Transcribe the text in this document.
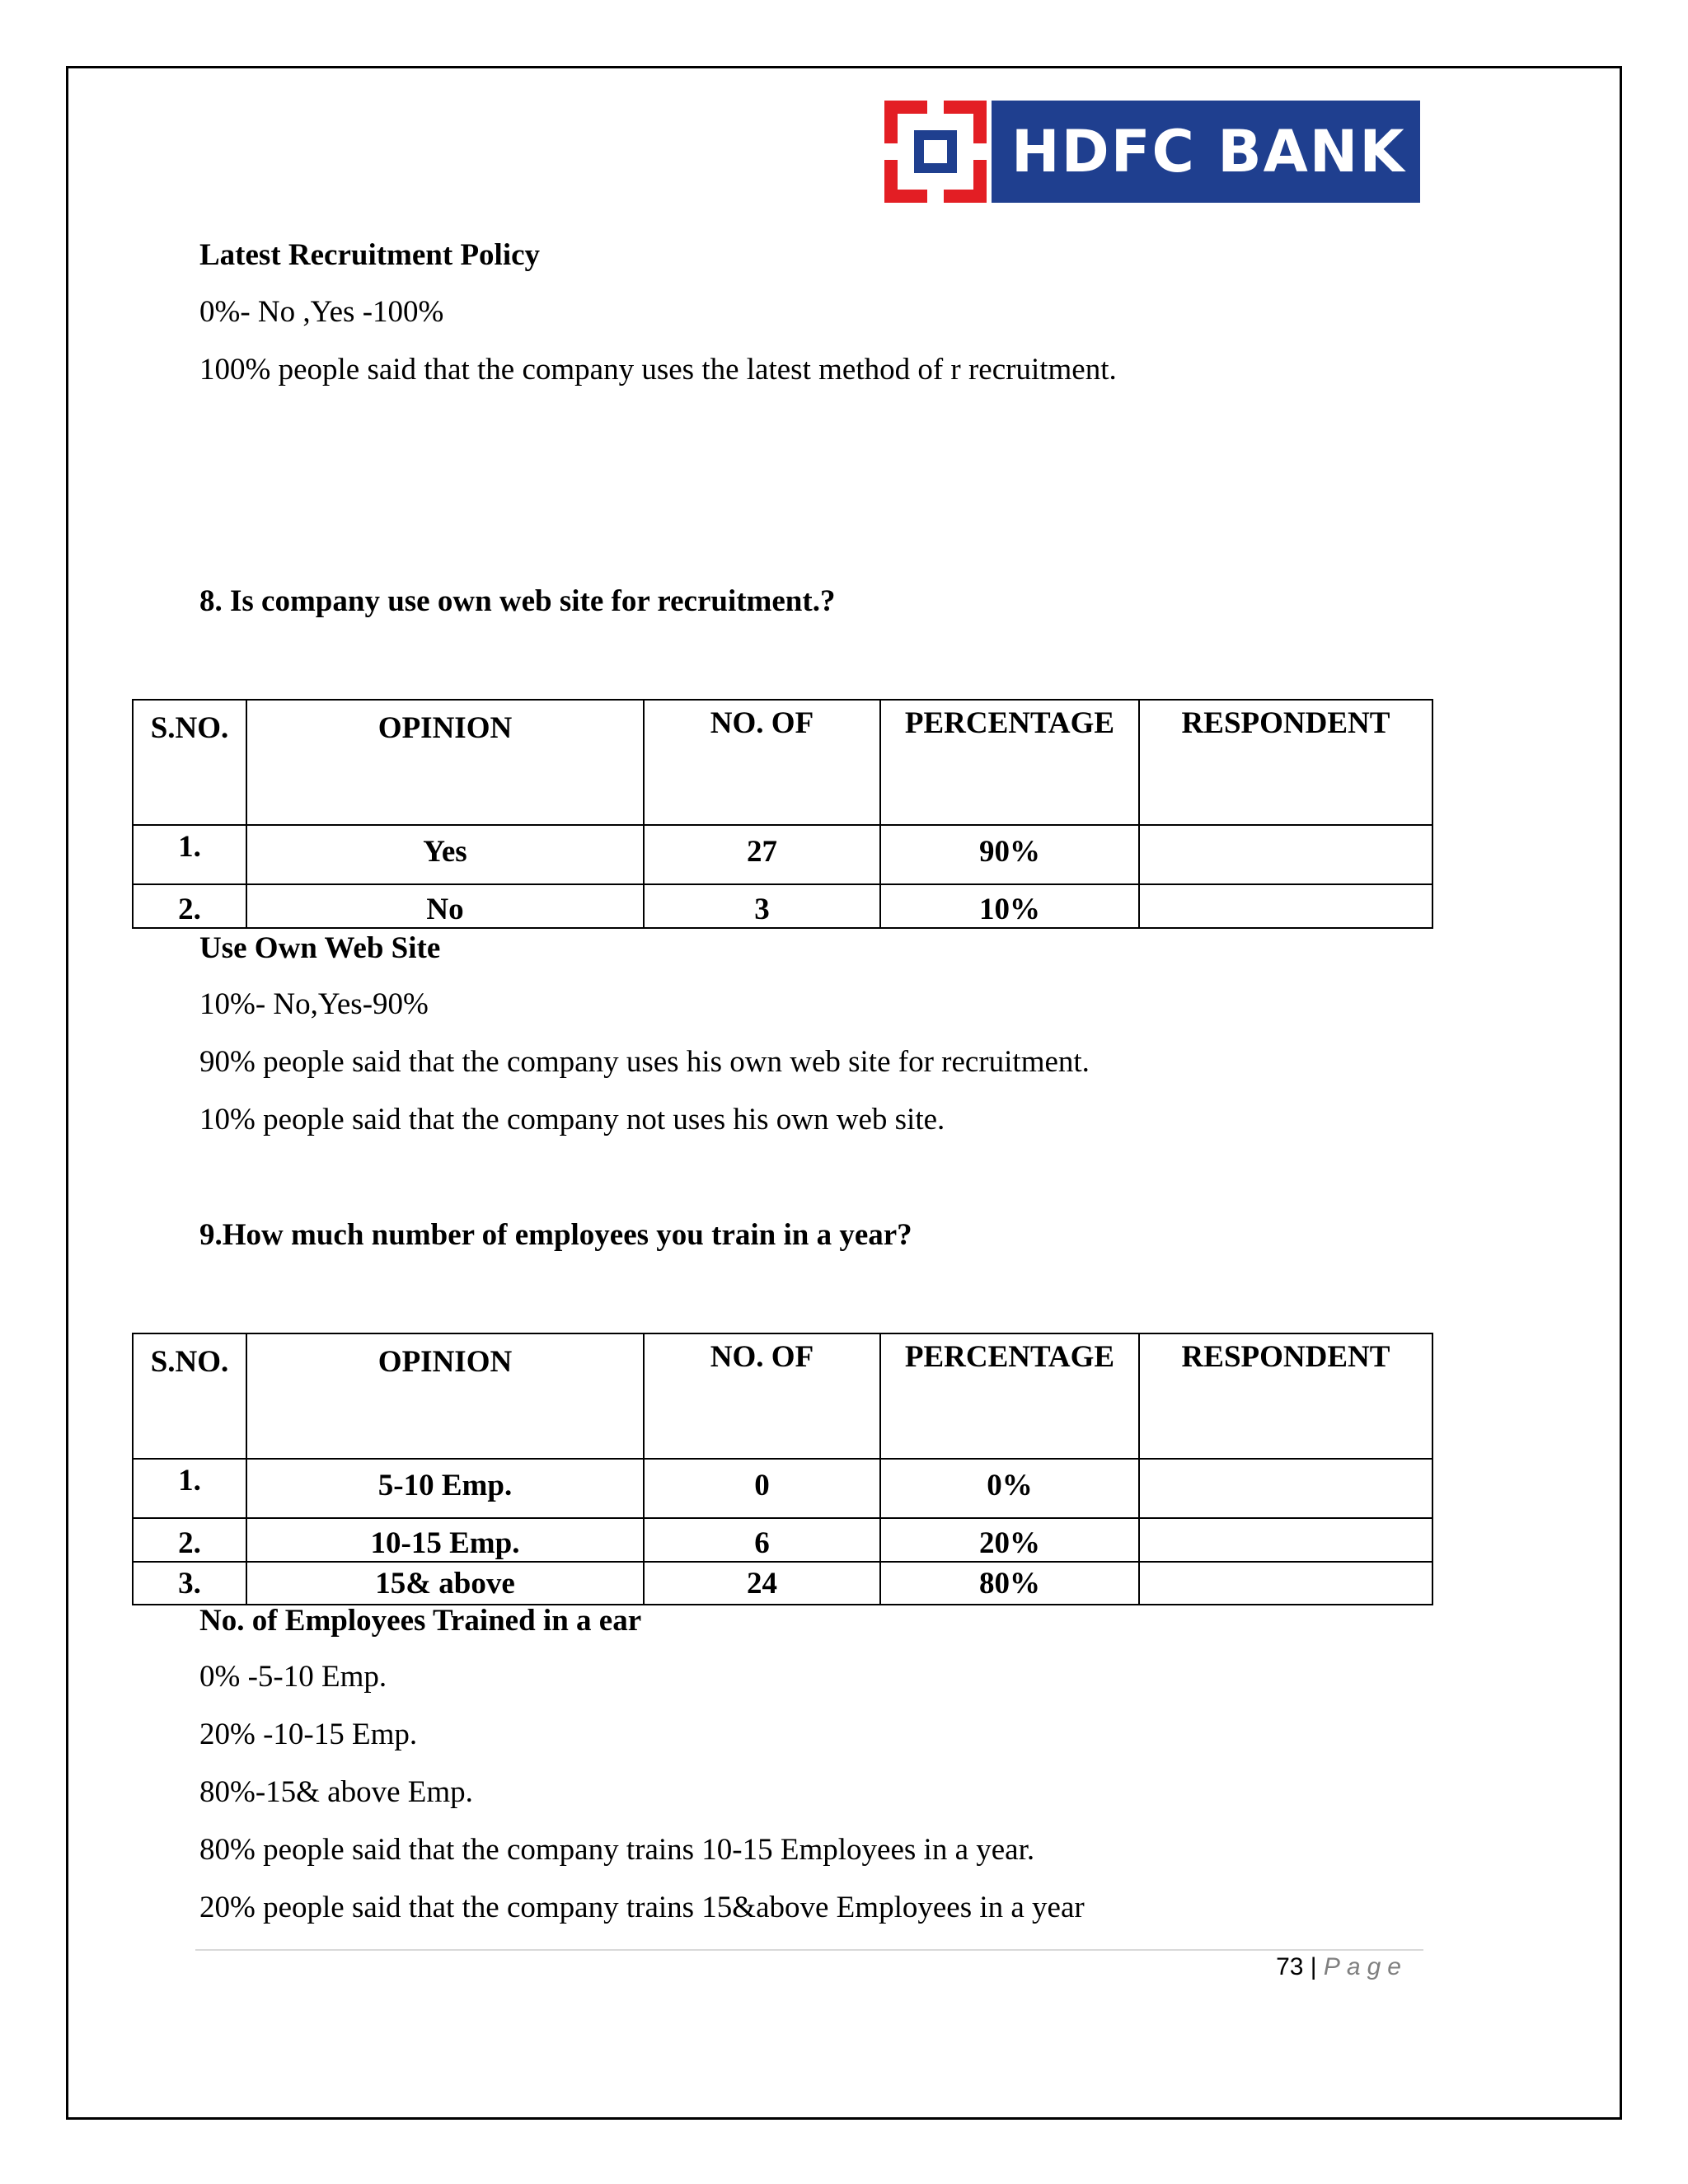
HDFC BANK
Latest Recruitment Policy
0%- No ,Yes -100%
100% people said that the company uses the latest method of r recruitment.
8. Is company use own web site for recruitment.?
S.NO.	OPINION	NO. OF	PERCENTAGE	RESPONDENT
1.	Yes	27	90%	
2.	No	3	10%	
Use Own Web Site
10%- No,Yes-90%
90% people said that the company uses his own web site for recruitment.
10% people said that the company not uses his own web site.
9.How much number of employees you train in a year?
S.NO.	OPINION	NO. OF	PERCENTAGE	RESPONDENT
1.	5-10 Emp.	0	0%	
2.	10-15 Emp.	6	20%	
3.	15& above	24	80%	
No. of Employees Trained in a ear
0% -5-10 Emp.
20% -10-15 Emp.
80%-15& above Emp.
80% people said that the company trains 10-15 Employees in a year.
20% people said that the company trains 15&above Employees in a year
73 | Page
